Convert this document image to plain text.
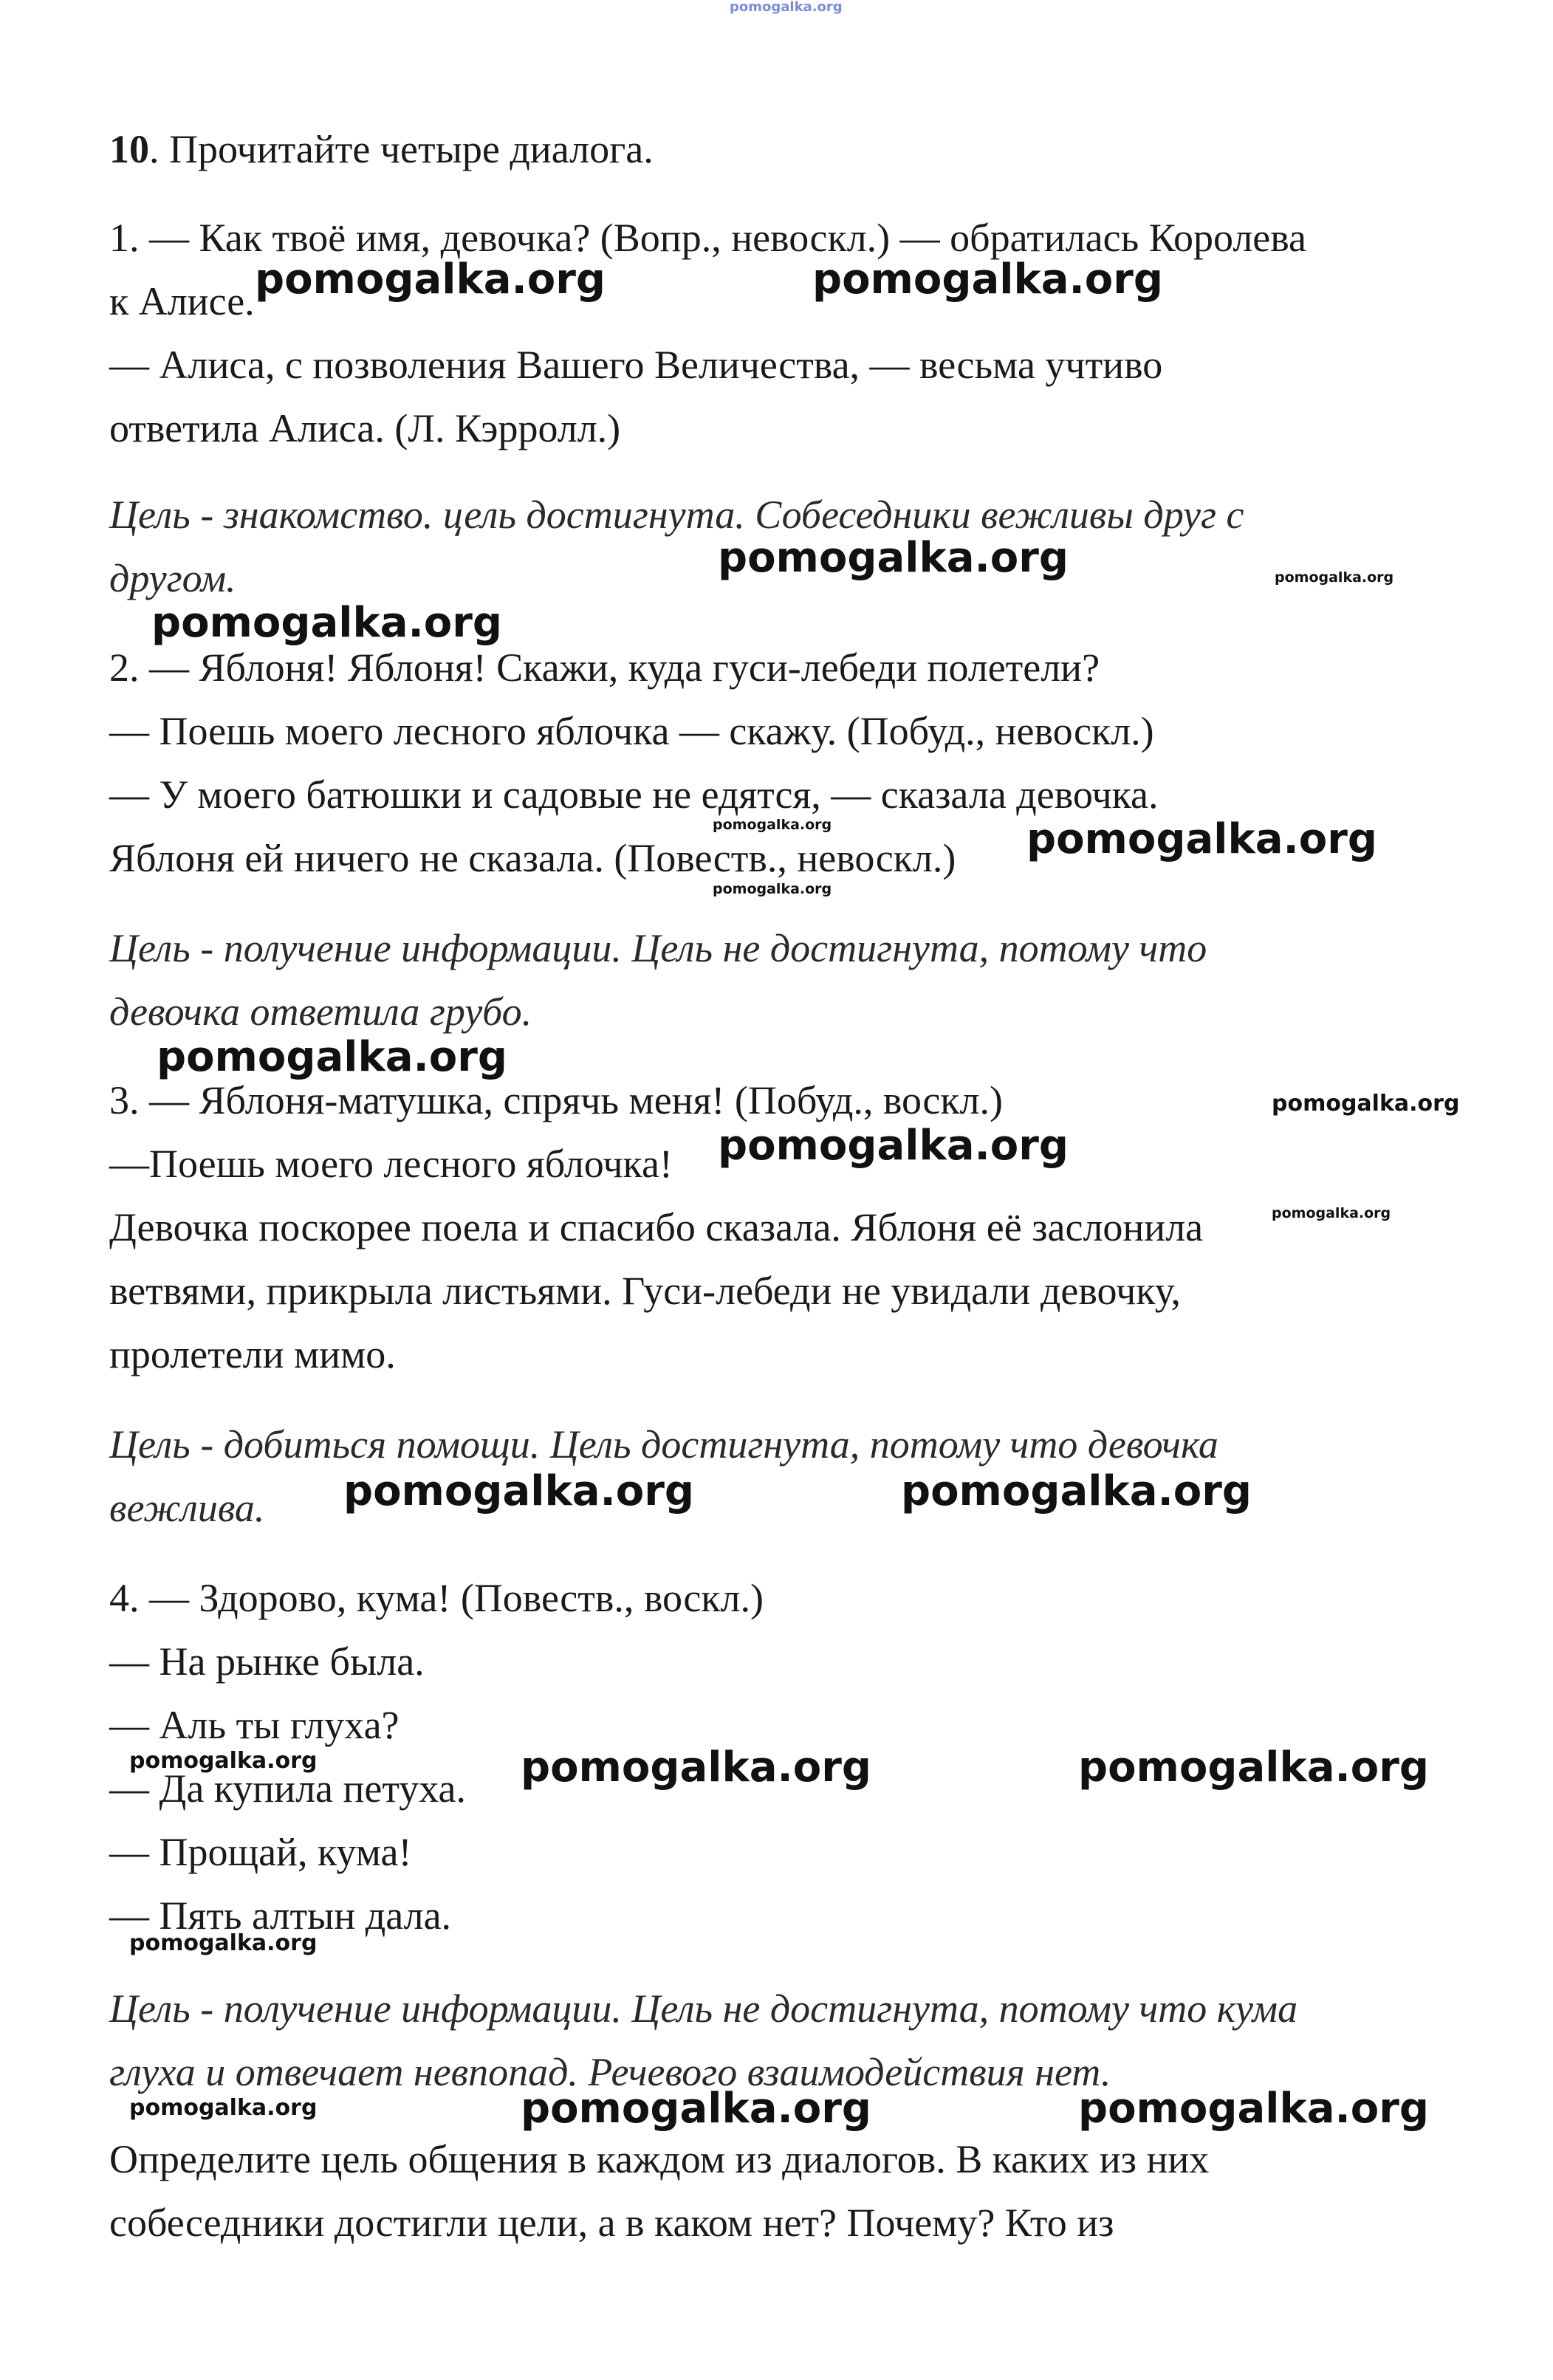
pomogalka.org
10. Прочитайте четыре диалога.
1. — Как твоё имя, девочка? (Вопр., невоскл.) — обратилась Королева
к Алисе.
— Алиса, с позволения Вашего Величества, — весьма учтиво
ответила Алиса. (Л. Кэрролл.)
Цель - знакомство. цель достигнута. Собеседники вежливы друг с
другом.
2. — Яблоня! Яблоня! Скажи, куда гуси-лебеди полетели?
— Поешь моего лесного яблочка — скажу. (Побуд., невоскл.)
— У моего батюшки и садовые не едятся, — сказала девочка.
Яблоня ей ничего не сказала. (Повеств., невоскл.)
Цель - получение информации. Цель не достигнута, потому что
девочка ответила грубо.
3. — Яблоня-матушка, спрячь меня! (Побуд., воскл.)
—Поешь моего лесного яблочка!
Девочка поскорее поела и спасибо сказала. Яблоня её заслонила
ветвями, прикрыла листьями. Гуси-лебеди не увидали девочку,
пролетели мимо.
Цель - добиться помощи. Цель достигнута, потому что девочка
вежлива.
4. — Здорово, кума! (Повеств., воскл.)
— На рынке была.
— Аль ты глуха?
— Да купила петуха.
— Прощай, кума!
— Пять алтын дала.
Цель - получение информации. Цель не достигнута, потому что кума
глуха и отвечает невпопад. Речевого взаимодействия нет.
Определите цель общения в каждом из диалогов. В каких из них
собеседники достигли цели, а в каком нет? Почему? Кто из
pomogalka.org	pomogalka.org
pomogalka.org
pomogalka.org
pomogalka.org
pomogalka.org
pomogalka.org
pomogalka.org	pomogalka.org
pomogalka.org	pomogalka.org
pomogalka.org	pomogalka.org
pomogalka.org
pomogalka.org
pomogalka.org
pomogalka.org
pomogalka.org
pomogalka.org
pomogalka.org
pomogalka.org
